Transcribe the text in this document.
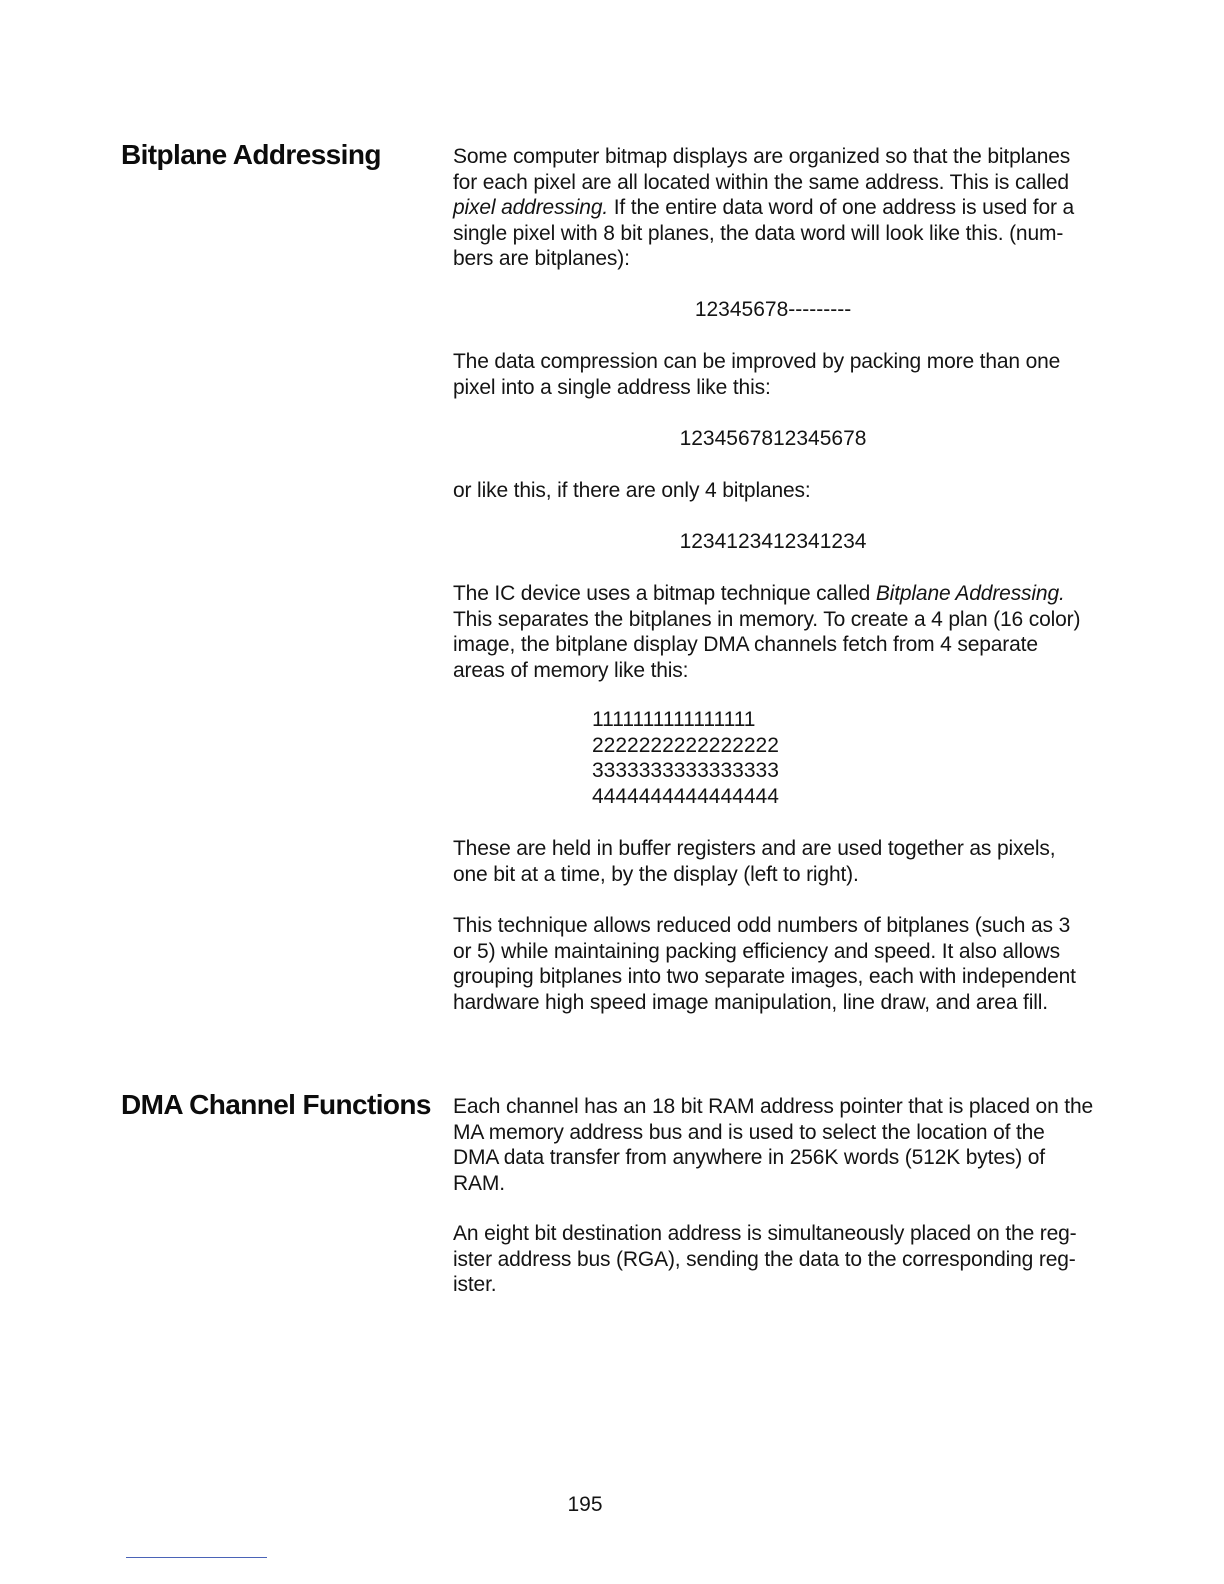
Bitplane Addressing	Some computer bitmap displays are organized so that the bitplanes
for each pixel are all located within the same address. This is called
pixel addressing. If the entire data word of one address is used for a
single pixel with 8 bit planes, the data word will look like this. (num-
bers are bitplanes):

12345678---------

The data compression can be improved by packing more than one
pixel into a single address like this:

1234567812345678

or like this, if there are only 4 bitplanes:

1234123412341234

The IC device uses a bitmap technique called Bitplane Addressing.
This separates the bitplanes in memory. To create a 4 plan (16 color)
image, the bitplane display DMA channels fetch from 4 separate
areas of memory like this:

1111111111111111
2222222222222222
3333333333333333
4444444444444444

These are held in buffer registers and are used together as pixels,
one bit at a time, by the display (left to right).

This technique allows reduced odd numbers of bitplanes (such as 3
or 5) while maintaining packing efficiency and speed. It also allows
grouping bitplanes into two separate images, each with independent
hardware high speed image manipulation, line draw, and area fill.

DMA Channel Functions Each channel has an 18 bit RAM address pointer that is placed on the
MA memory address bus and is used to select the location of the
DMA data transfer from anywhere in 256K words (512K bytes) of
RAM.

An eight bit destination address is simultaneously placed on the reg-
ister address bus (RGA), sending the data to the corresponding reg-
ister.

195
